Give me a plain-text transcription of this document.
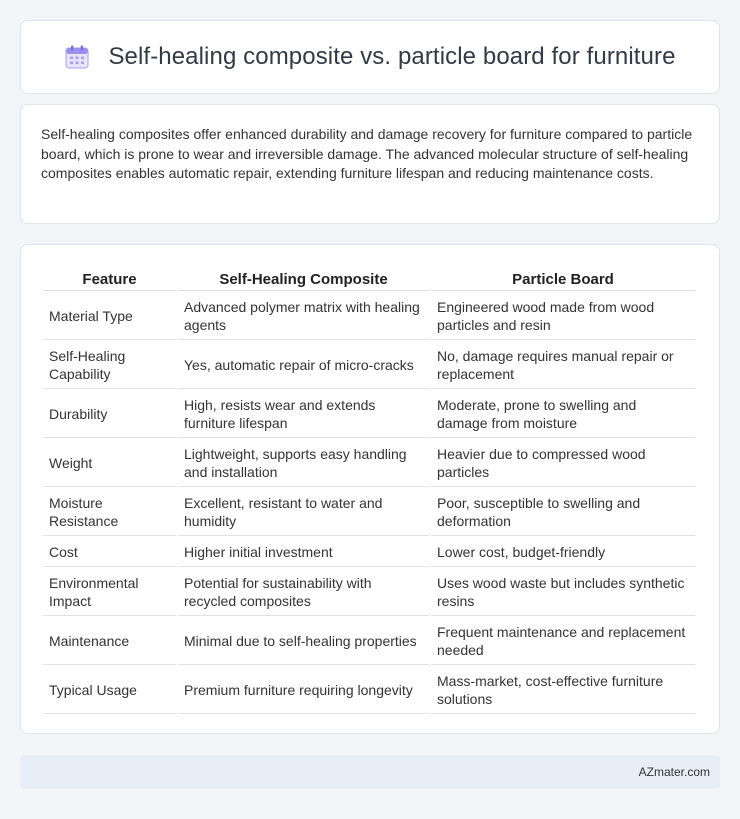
Self-healing composite vs. particle board for furniture

Self-healing composites offer enhanced durability and damage recovery for furniture compared to particle board, which is prone to wear and irreversible damage. The advanced molecular structure of self-healing composites enables automatic repair, extending furniture lifespan and reducing maintenance costs.

Feature	Self-Healing Composite	Particle Board
Material Type	Advanced polymer matrix with healing agents	Engineered wood made from wood particles and resin
Self-Healing Capability	Yes, automatic repair of micro-cracks	No, damage requires manual repair or replacement
Durability	High, resists wear and extends furniture lifespan	Moderate, prone to swelling and damage from moisture
Weight	Lightweight, supports easy handling and installation	Heavier due to compressed wood particles
Moisture Resistance	Excellent, resistant to water and humidity	Poor, susceptible to swelling and deformation
Cost	Higher initial investment	Lower cost, budget-friendly
Environmental Impact	Potential for sustainability with recycled composites	Uses wood waste but includes synthetic resins
Maintenance	Minimal due to self-healing properties	Frequent maintenance and replacement needed
Typical Usage	Premium furniture requiring longevity	Mass-market, cost-effective furniture solutions
AZmater.com
